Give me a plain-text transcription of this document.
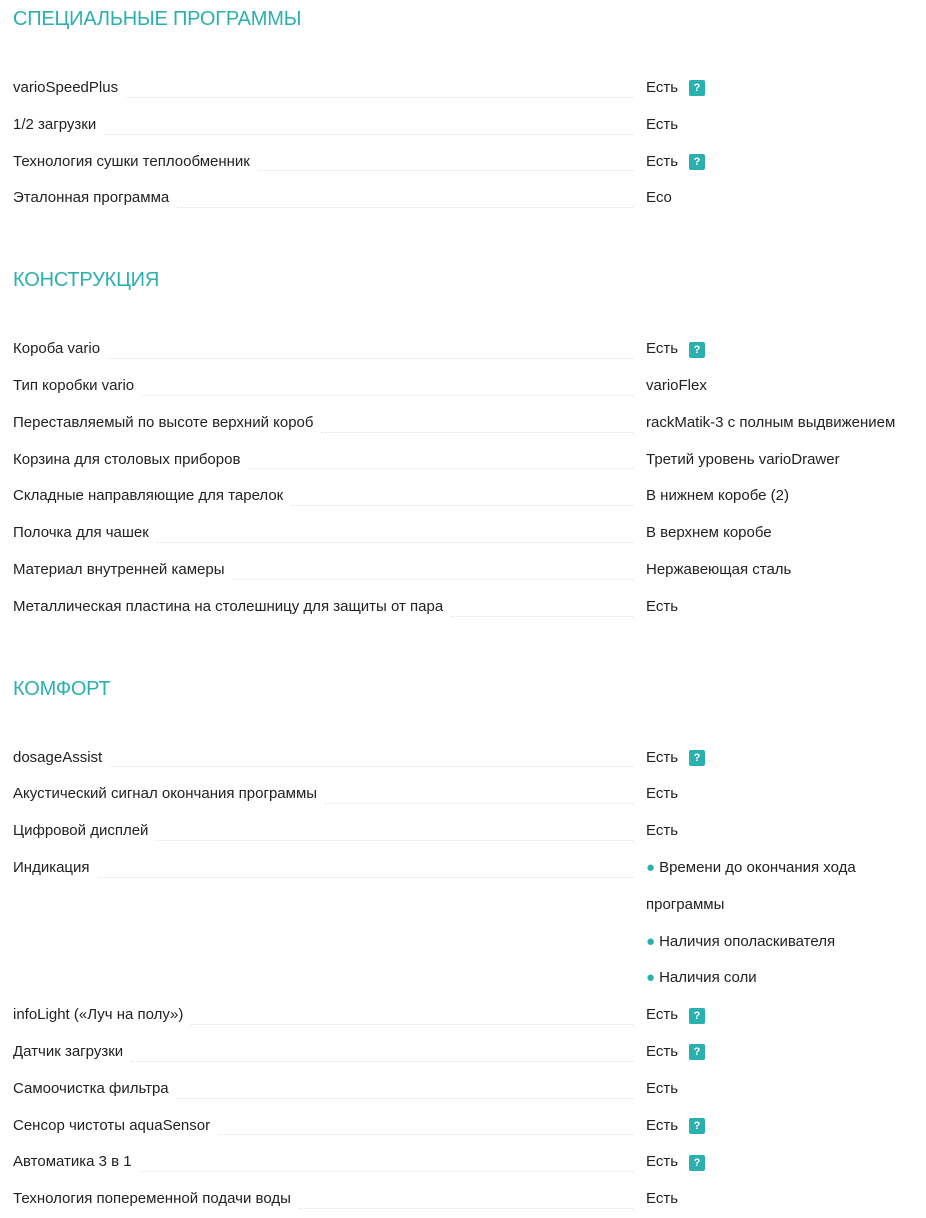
СПЕЦИАЛЬНЫЕ ПРОГРАММЫ
varioSpeedPlus	Есть	?
1/2 загрузки	Есть
Технология сушки теплообменник	Есть	?
Эталонная программа	Eco
КОНСТРУКЦИЯ
Короба vario	Есть	?
Тип коробки vario	varioFlex
Переставляемый по высоте верхний короб	rackMatik-3 с полным выдвижением
Корзина для столовых приборов	Третий уровень varioDrawer
Складные направляющие для тарелок	В нижнем коробе (2)
Полочка для чашек	В верхнем коробе
Материал внутренней камеры	Нержавеющая сталь
Металлическая пластина на столешницу для защиты от пара	Есть
КОМФОРТ
dosageAssist	Есть	?
Акустический сигнал окончания программы	Есть
Цифровой дисплей	Есть
Индикация	● Времени до окончания хода
программы
● Наличия ополаскивателя
● Наличия соли
infoLight («Луч на полу»)	Есть	?
Датчик загрузки	Есть	?
Самоочистка фильтра	Есть
Сенсор чистоты aquaSensor	Есть	?
Автоматика 3 в 1	Есть	?
Технология попеременной подачи воды	Есть
